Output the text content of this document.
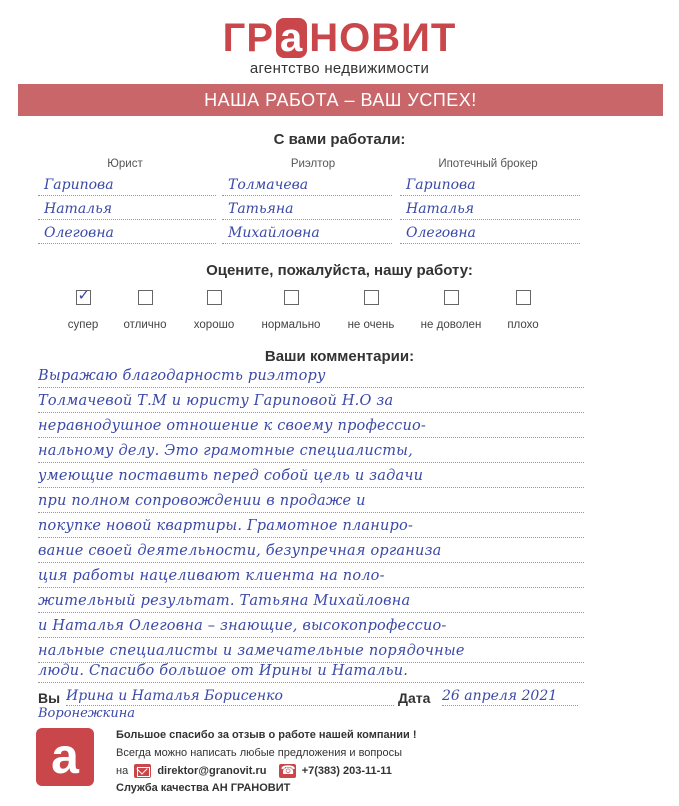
ГР а НОВИТ
агентство недвижимости
НАША РАБОТА – ВАШ УСПЕХ!
С вами работали:
Юрист	Риэлтор	Ипотечный брокер
Гарипова
Наталья
Олеговна
Толмачева
Татьяна
Михайловна
Гарипова
Наталья
Олеговна
Оцените, пожалуйста, нашу работу:
✓
супер	отлично	хорошо	нормально	не очень	не доволен	плохо
Ваши комментарии:
Выражаю благодарность риэлтору
Толмачевой Т.М и юристу Гариповой Н.О за
неравнодушное отношение к своему профессио-
нальному делу. Это грамотные специалисты,
умеющие поставить перед собой цель и задачи
при полном сопровождении в продаже и
покупке новой квартиры. Грамотное планиро-
вание своей деятельности, безупречная организа
ция работы нацеливают клиента на поло-
жительный результат. Татьяна Михайловна
и Наталья Олеговна – знающие, высокопрофессио-
нальные специалисты и замечательные порядочные
люди. Спасибо большое от Ирины и Натальи.
Вы Ирина и Наталья Борисенко	Дата 26 апреля 2021
Воронежкина
а	Большое спасибо за отзыв о работе нашей компании !
Всегда можно написать любые предложения и вопросы
на	direktor@granovit.ru   ☎	+7(383) 203-11-11
Служба качества АН ГРАНОВИТ
